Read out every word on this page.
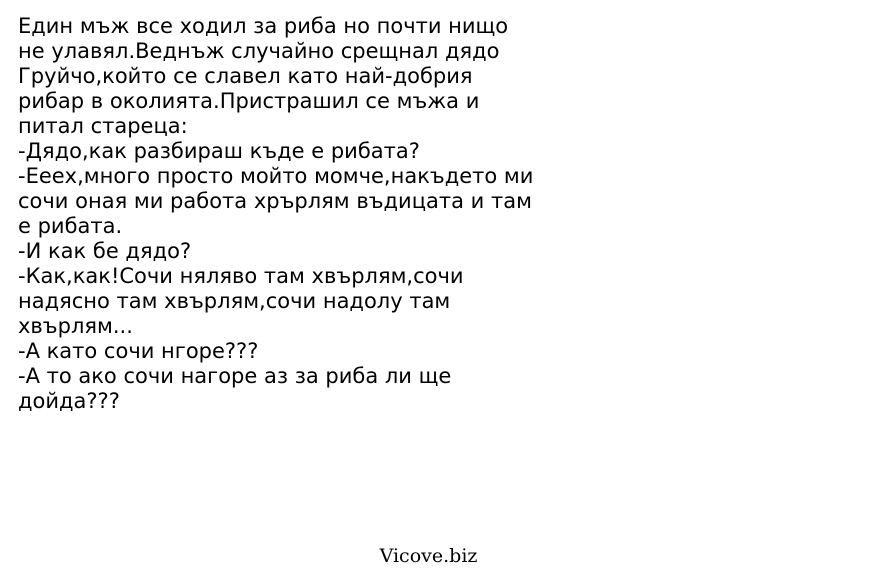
Един мъж все ходил за риба но почти нищо
не улавял.Веднъж случайно срещнал дядо
Груйчо,който се славел като най-добрия
рибар в околията.Пристрашил се мъжа и
питал стареца:
-Дядо,как разбираш къде е рибата?
-Ееех,много просто мойто момче,накъдето ми
сочи оная ми работа хрърлям въдицата и там
е рибата.
-И как бе дядо?
-Как,как!Сочи няляво там хвърлям,сочи
надясно там хвърлям,сочи надолу там
хвърлям...
-А като сочи нгоре???
-А то ако сочи нагоре аз за риба ли ще
дойда???
Vicove.biz
